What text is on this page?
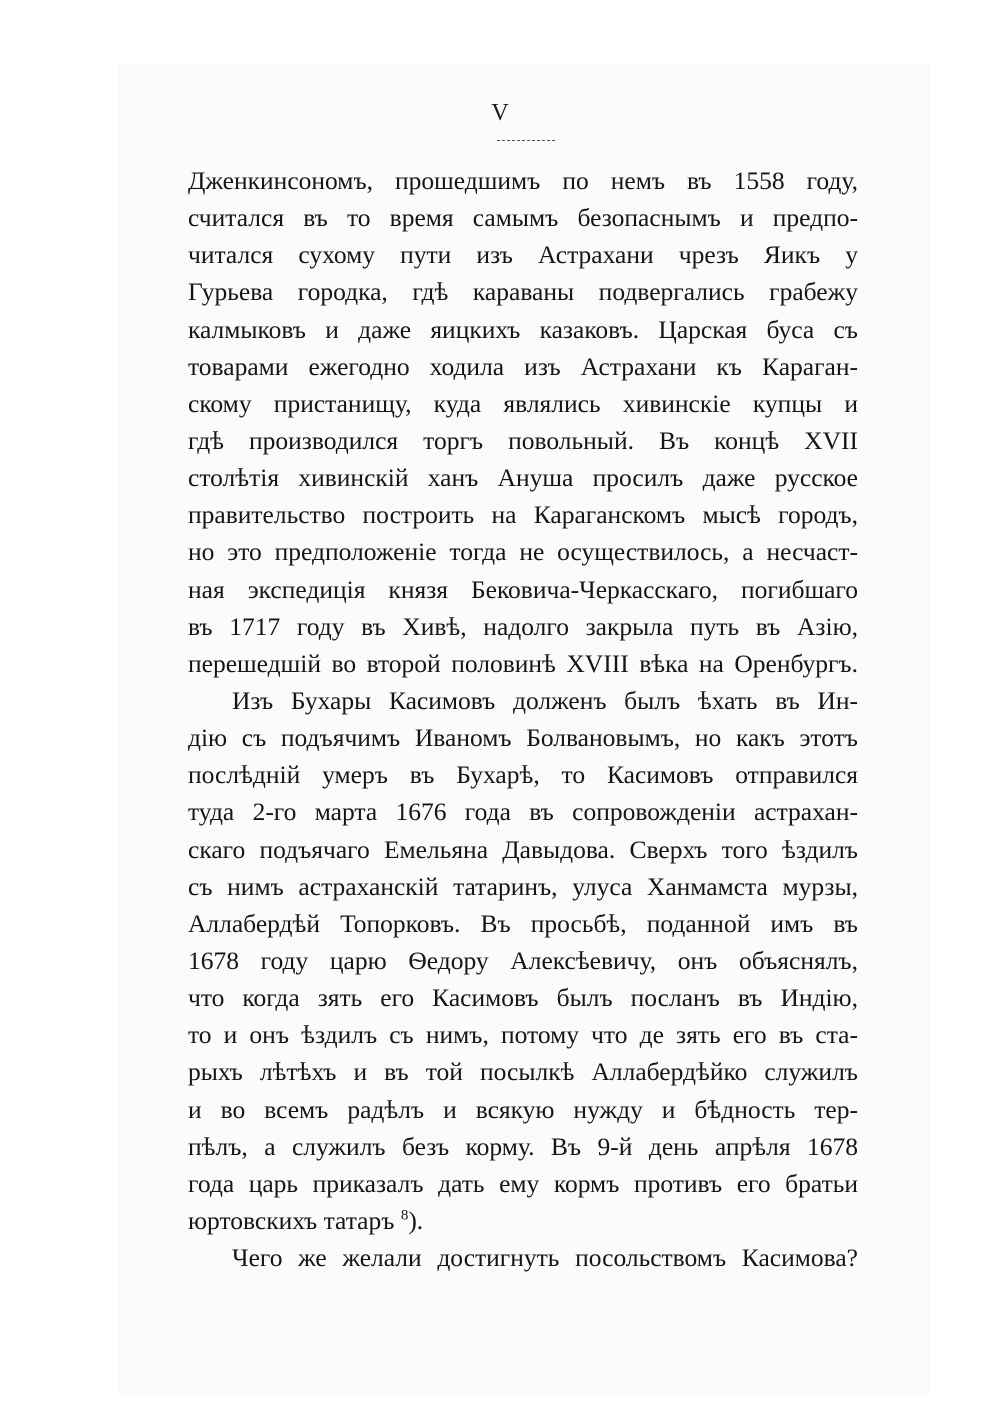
V
Дженкинсономъ, прошедшимъ по немъ въ 1558 году,
считался въ то время самымъ безопаснымъ и предпо-
читался сухому пути изъ Астрахани чрезъ Яикъ у
Гурьева городка, гдѣ караваны подвергались грабежу
калмыковъ и даже яицкихъ казаковъ. Царская буса съ
товарами ежегодно ходила изъ Астрахани къ Караган-
скому пристанищу, куда являлись хивинскіе купцы и
гдѣ производился торгъ повольный. Въ концѣ XVII
столѣтія хивинскій ханъ Ануша просилъ даже русское
правительство построить на Караганскомъ мысѣ городъ,
но это предположеніе тогда не осуществилось, а несчаст-
ная экспедиція князя Бековича-Черкасскаго, погибшаго
въ 1717 году въ Хивѣ, надолго закрыла путь въ Азію,
перешедшій во второй половинѣ XVIII вѣка на Оренбургъ.
Изъ Бухары Касимовъ долженъ былъ ѣхать въ Ин-
дію съ подъячимъ Иваномъ Болвановымъ, но какъ этотъ
послѣдній умеръ въ Бухарѣ, то Касимовъ отправился
туда 2-го марта 1676 года въ сопровожденіи астрахан-
скаго подъячаго Емельяна Давыдова. Сверхъ того ѣздилъ
съ нимъ астраханскій татаринъ, улуса Ханмамста мурзы,
Аллабердѣй Топорковъ. Въ просьбѣ, поданной имъ въ
1678 году царю Ѳедору Алексѣевичу, онъ объяснялъ,
что когда зять его Касимовъ былъ посланъ въ Индію,
то и онъ ѣздилъ съ нимъ, потому что де зять его въ ста-
рыхъ лѣтѣхъ и въ той посылкѣ Аллабердѣйко служилъ
и во всемъ радѣлъ и всякую нужду и бѣдность тер-
пѣлъ, а служилъ безъ корму. Въ 9-й день апрѣля 1678
года царь приказалъ дать ему кормъ противъ его братьи
юртовскихъ татаръ $^8$).
Чего же желали достигнуть посольствомъ Касимова?
